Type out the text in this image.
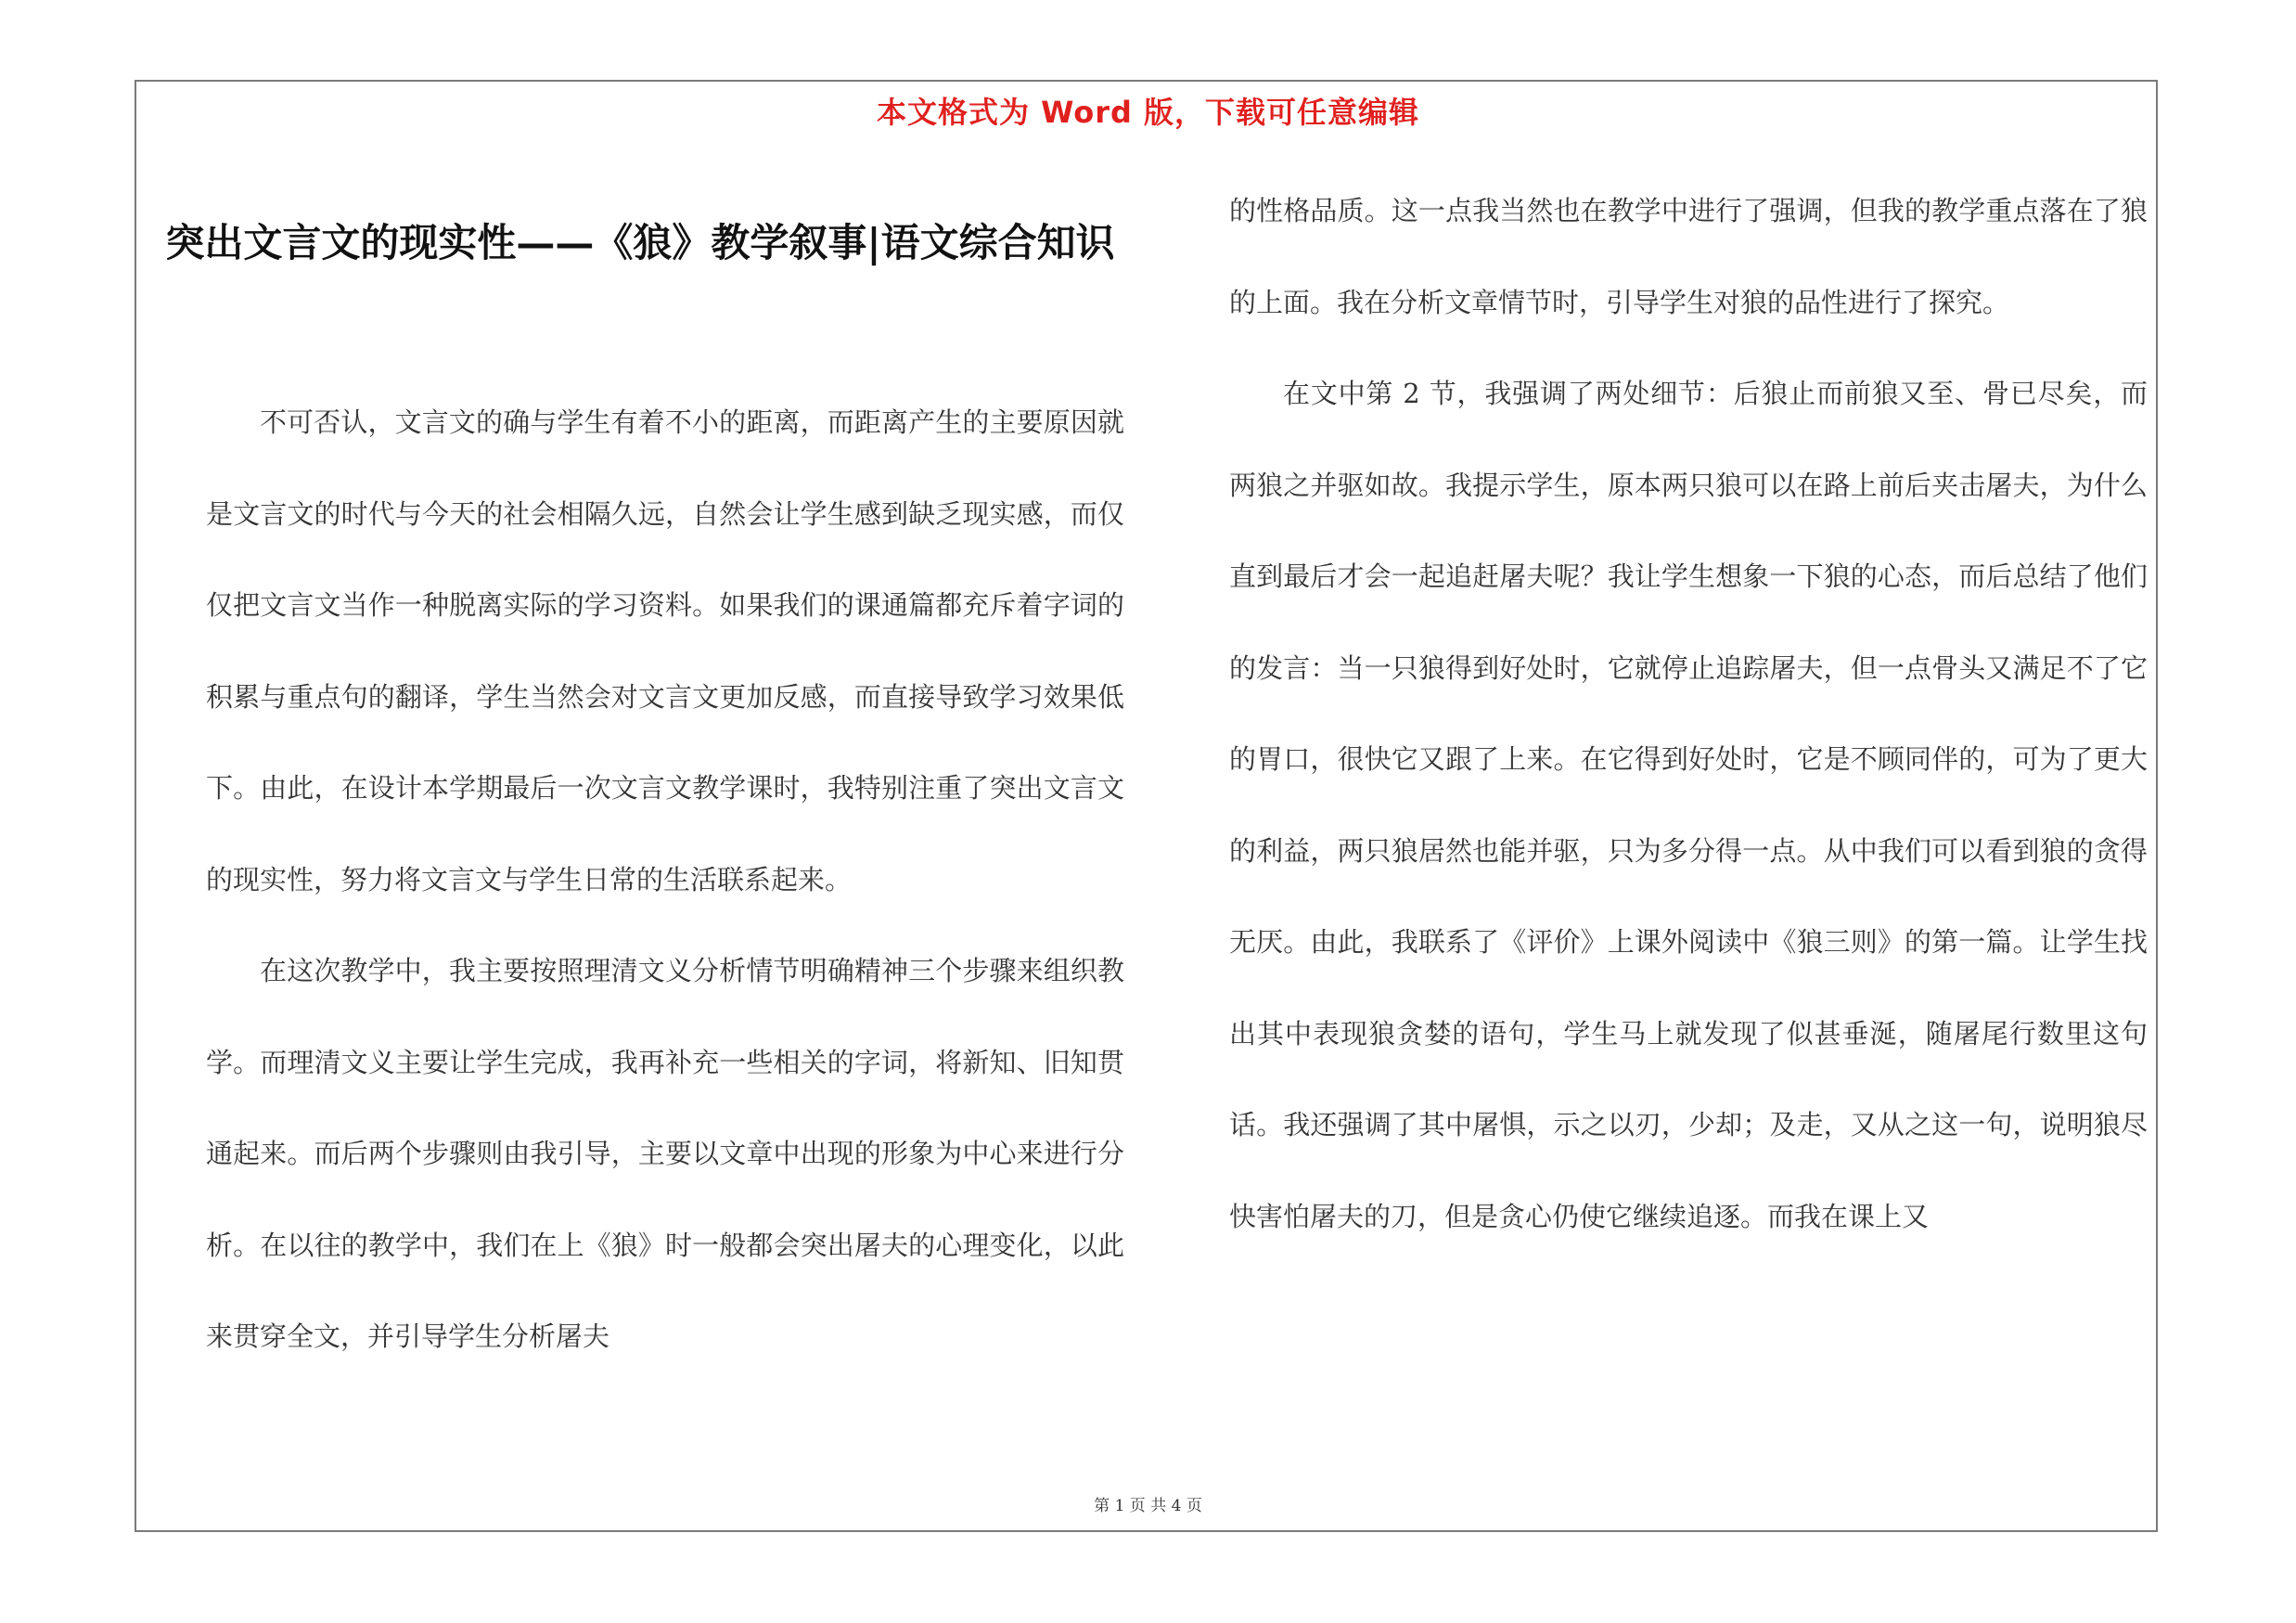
本文格式为 Word 版，下载可任意编辑
突出文言文的现实性——《狼》教学叙事|语文综合知识

不可否认，文言文的确与学生有着不小的距离，而距离产生的主要原因就是文言文的时代与今天的社会相隔久远，自然会让学生感到缺乏现实感，而仅仅把文言文当作一种脱离实际的学习资料。如果我们的课通篇都充斥着字词的积累与重点句的翻译，学生当然会对文言文更加反感，而直接导致学习效果低下。由此，在设计本学期最后一次文言文教学课时，我特别注重了突出文言文的现实性，努力将文言文与学生日常的生活联系起来。

在这次教学中，我主要按照理清文义分析情节明确精神三个步骤来组织教学。而理清文义主要让学生完成，我再补充一些相关的字词，将新知、旧知贯通起来。而后两个步骤则由我引导，主要以文章中出现的形象为中心来进行分析。在以往的教学中，我们在上《狼》时一般都会突出屠夫的心理变化，以此来贯穿全文，并引导学生分析屠夫

的性格品质。这一点我当然也在教学中进行了强调，但我的教学重点落在了狼的上面。我在分析文章情节时，引导学生对狼的品性进行了探究。

在文中第 2 节，我强调了两处细节：后狼止而前狼又至、骨已尽矣，而两狼之并驱如故。我提示学生，原本两只狼可以在路上前后夹击屠夫，为什么直到最后才会一起追赶屠夫呢？我让学生想象一下狼的心态，而后总结了他们的发言：当一只狼得到好处时，它就停止追踪屠夫，但一点骨头又满足不了它的胃口，很快它又跟了上来。在它得到好处时，它是不顾同伴的，可为了更大的利益，两只狼居然也能并驱，只为多分得一点。从中我们可以看到狼的贪得无厌。由此，我联系了《评价》上课外阅读中《狼三则》的第一篇。让学生找出其中表现狼贪婪的语句，学生马上就发现了似甚垂涎，随屠尾行数里这句话。我还强调了其中屠惧，示之以刃，少却；及走，又从之这一句，说明狼尽快害怕屠夫的刀，但是贪心仍使它继续追逐。而我在课上又

第 1 页 共 4 页
